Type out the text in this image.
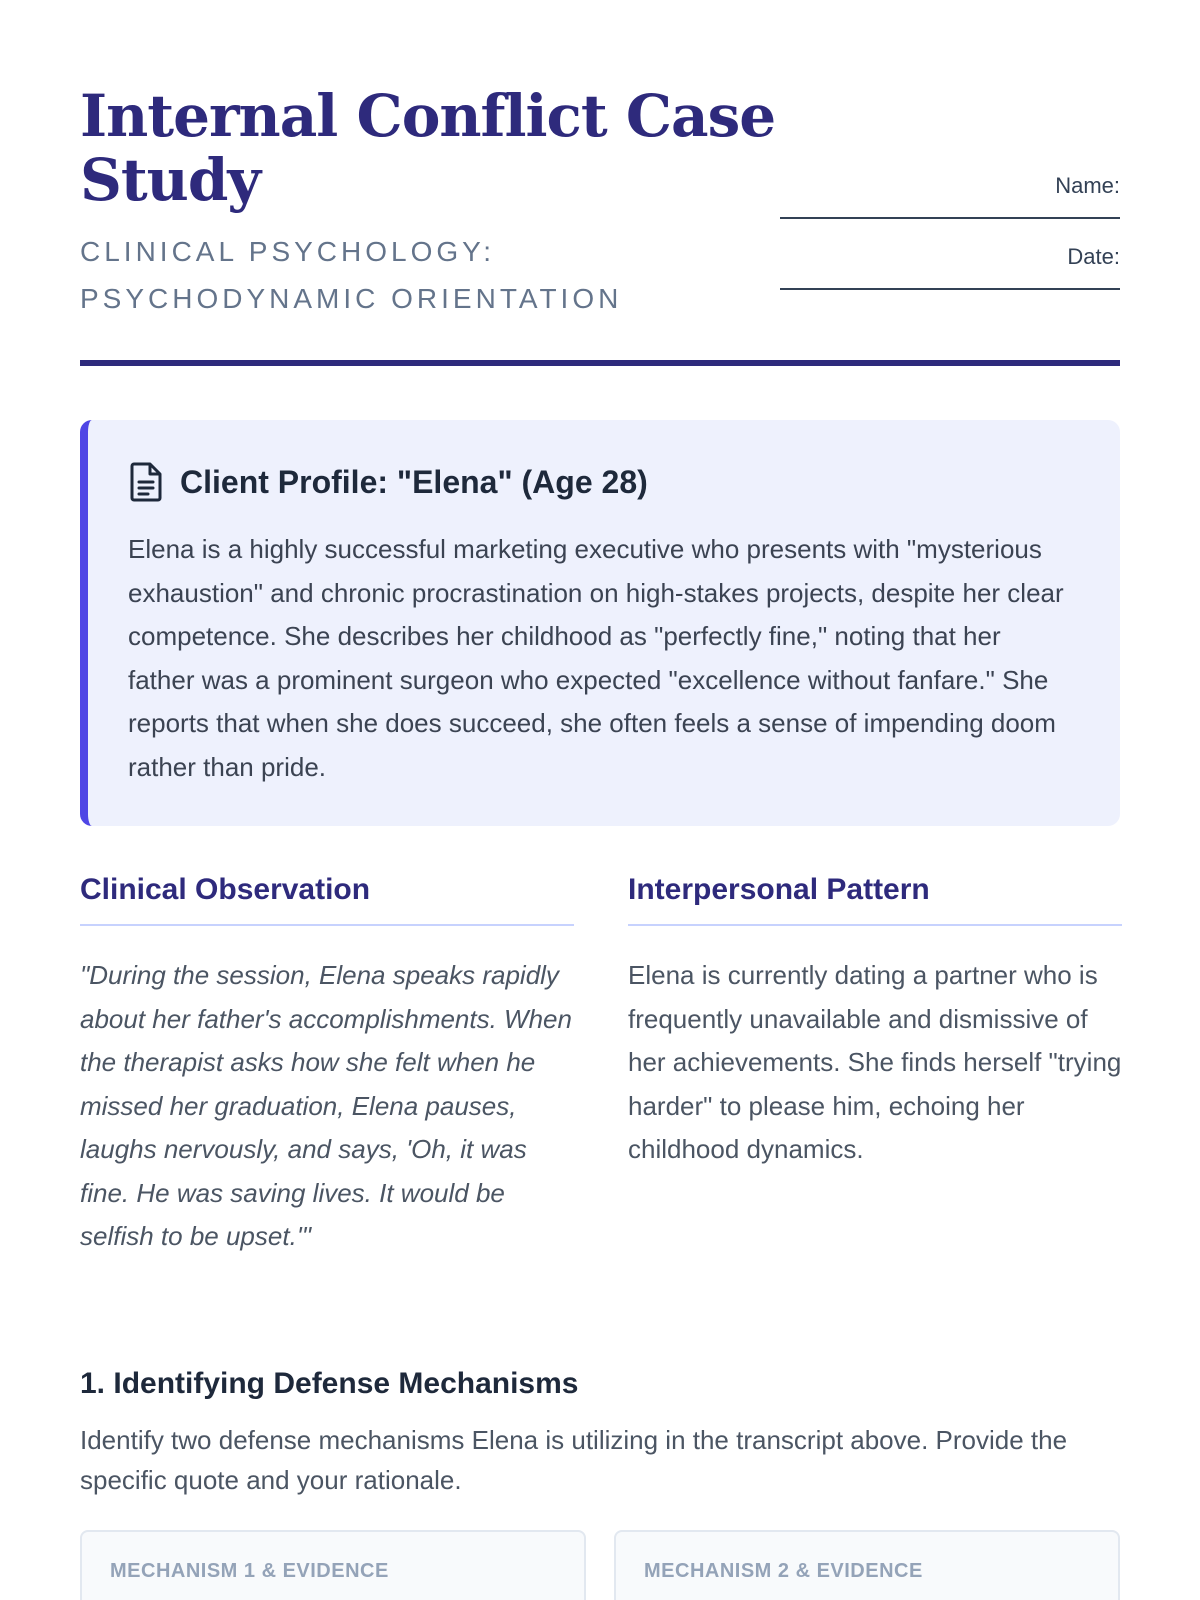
Internal Conflict Case Study
CLINICAL PSYCHOLOGY: PSYCHODYNAMIC ORIENTATION
Name:
Date:
Client Profile: "Elena" (Age 28)

Elena is a highly successful marketing executive who presents with "mysterious exhaustion" and chronic procrastination on high-stakes projects, despite her clear competence. She describes her childhood as "perfectly fine," noting that her father was a prominent surgeon who expected "excellence without fanfare." She reports that when she does succeed, she often feels a sense of impending doom rather than pride.

Clinical Observation

"During the session, Elena speaks rapidly about her father's accomplishments. When the therapist asks how she felt when he missed her graduation, Elena pauses, laughs nervously, and says, 'Oh, it was fine. He was saving lives. It would be selfish to be upset.'"

Interpersonal Pattern

Elena is currently dating a partner who is frequently unavailable and dismissive of her achievements. She finds herself "trying harder" to please him, echoing her childhood dynamics.

1. Identifying Defense Mechanisms

Identify two defense mechanisms Elena is utilizing in the transcript above. Provide the specific quote and your rationale.

MECHANISM 1 & EVIDENCE	MECHANISM 2 & EVIDENCE
